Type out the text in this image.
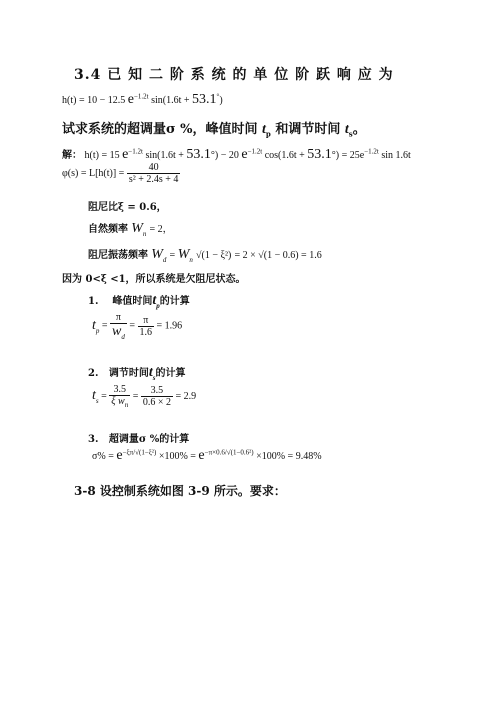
3.4 已 知 二 阶 系 统 的 单 位 阶 跃 响 应 为
h(t) = 10 − 12.5 $e^{-1.2t}$ sin(1.6t + 53.1°)
试求系统的超调量σ %，峰值时间 $t_p$ 和调节时间 $t_s$。
解： h(t) = 15 $e^{-1.2t}$ sin(1.6t + 53.1°) − 20 $e^{-1.2t}$ $\cos(1.6t + 53.1^\circ) = 25e^{-1.2t}$ sin 1.6t
$\varphi(s) = L[h(t)] = \frac{40}{\text{s² + 2.4s + 4}}$
阻尼比ξ = 0.6，
自然频率 $W_n = 2$，
阻尼振荡频率 $W_d = W_n$ √(1 − ξ²) = 2 × √(1 − 0.6) = 1.6
因为 0<ξ <1，所以系统是欠阻尼状态。
1. 峰值时间$t_p$的计算
$t_p = \frac{\pi}{w_d} = \frac{\pi}{1.6} = 1.96$
2. 调节时间$t_s$的计算
$t_s = \frac{3.5}{\xi w_n} = \frac{3.5}{0.6 \times 2} = 2.9$
3. 超调量σ %的计算
$\sigma\% = e^{-\xi\pi/√(1-\xi^2)} \times 100\% = e^{-\pi\times 0.6/√(1-0.6^2)} \times 100\% = 9.48\%$
3-8 设控制系统如图 3-9 所示。要求：
